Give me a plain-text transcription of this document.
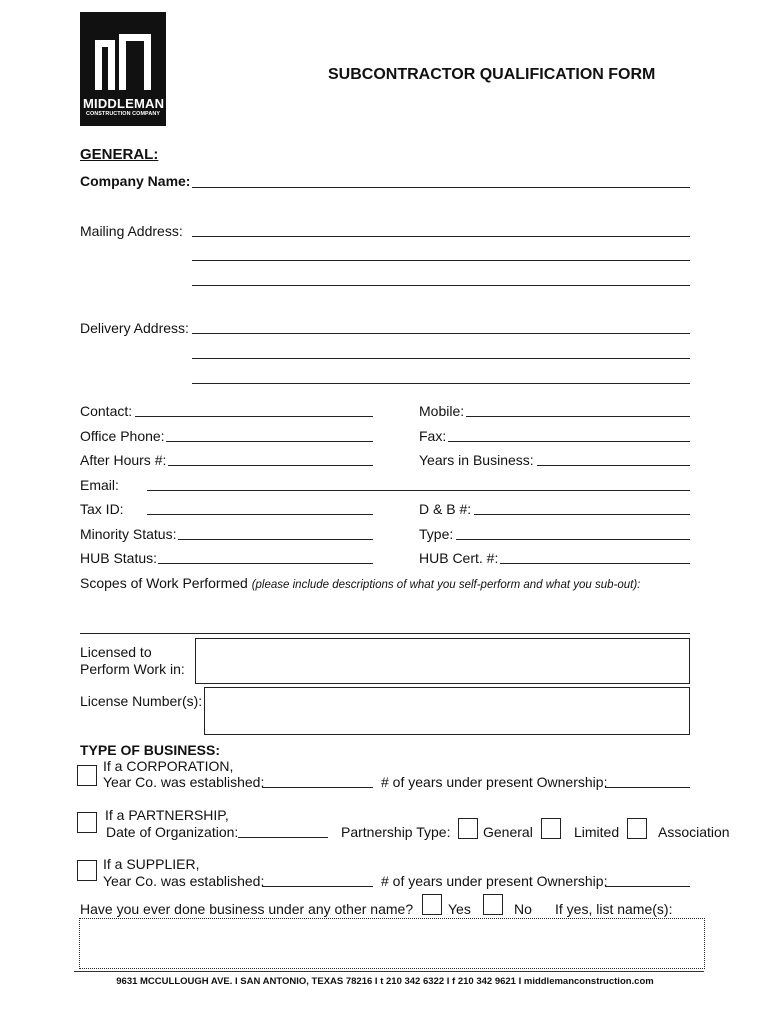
MIDDLEMAN
CONSTRUCTION COMPANY
SUBCONTRACTOR QUALIFICATION FORM
GENERAL:
Company Name:
Mailing Address:
Delivery Address:
Contact:	Mobile:
Office Phone:	Fax:
After Hours #:	Years in Business:
Email:
Tax ID:	D & B #:
Minority Status:	Type:
HUB Status:	HUB Cert. #:
Scopes of Work Performed (please include descriptions of what you self-perform and what you sub-out):
Licensed to
Perform Work in:
License Number(s):
TYPE OF BUSINESS:
If a CORPORATION,
Year Co. was established:	# of years under present Ownership:
If a PARTNERSHIP,
Date of Organization:	Partnership Type: General	Limited	Association
If a SUPPLIER,
Year Co. was established:	# of years under present Ownership:
Have you ever done business under any other name? Yes	No If yes, list name(s):
9631 MCCULLOUGH AVE. I SAN ANTONIO, TEXAS 78216 I t 210 342 6322 I f 210 342 9621 I middlemanconstruction.com
